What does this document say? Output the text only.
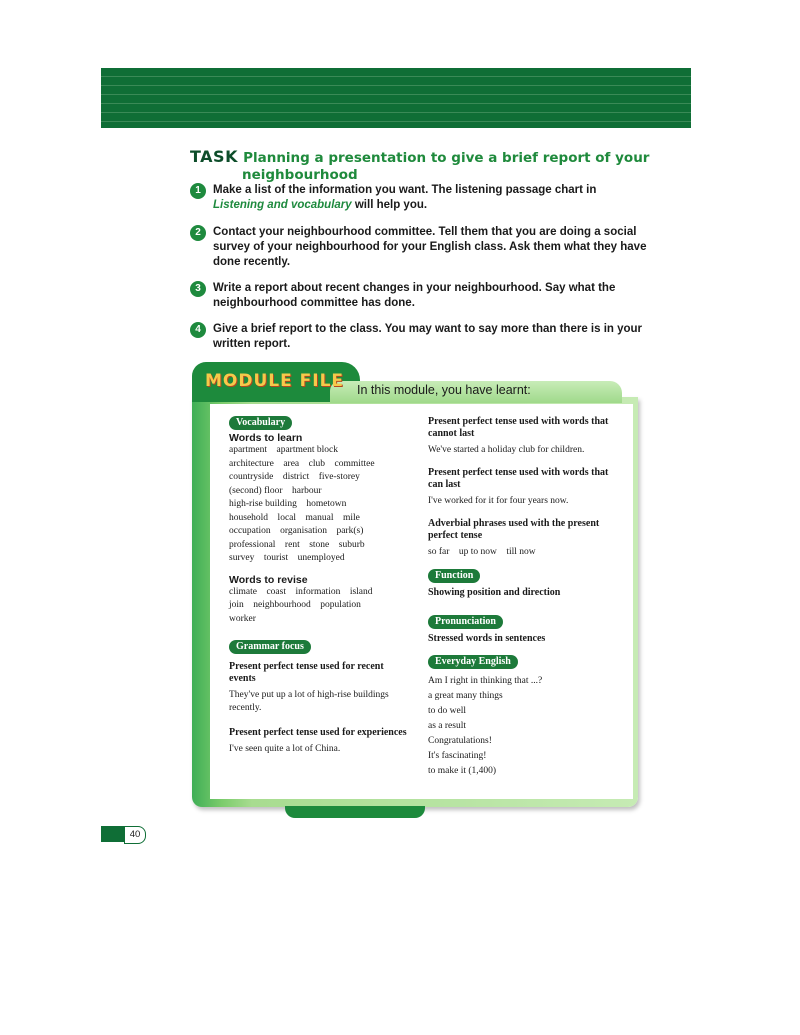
TASK Planning a presentation to give a brief report of your
neighbourhood
1	Make a list of the information you want. The listening passage chart in Listening and vocabulary will help you.
2	Contact your neighbourhood committee. Tell them that you are doing a social survey of your neighbourhood for your English class. Ask them what they have done recently.
3	Write a report about recent changes in your neighbourhood. Say what the neighbourhood committee has done.
4	Give a brief report to the class. You may want to say more than there is in your written report.
MODULE FILE In this module, you have learnt:
Vocabulary
Words to learn
apartment    apartment block
architecture    area    club    committee
countryside    district    five-storey
(second) floor    harbour
high-rise building    hometown
household    local    manual    mile
occupation    organisation    park(s)
professional    rent    stone    suburb
survey    tourist    unemployed
Words to revise
climate    coast    information    island
join    neighbourhood    population
worker
Grammar focus
Present perfect tense used for recent events
They've put up a lot of high-rise buildings recently.
Present perfect tense used for experiences
I've seen quite a lot of China.
Present perfect tense used with words that cannot last
We've started a holiday club for children.
Present perfect tense used with words that can last
I've worked for it for four years now.
Adverbial phrases used with the present perfect tense
so far    up to now    till now
Function
Showing position and direction
Pronunciation
Stressed words in sentences
Everyday English
Am I right in thinking that ...?
a great many things
to do well
as a result
Congratulations!
It's fascinating!
to make it (1,400)
40
